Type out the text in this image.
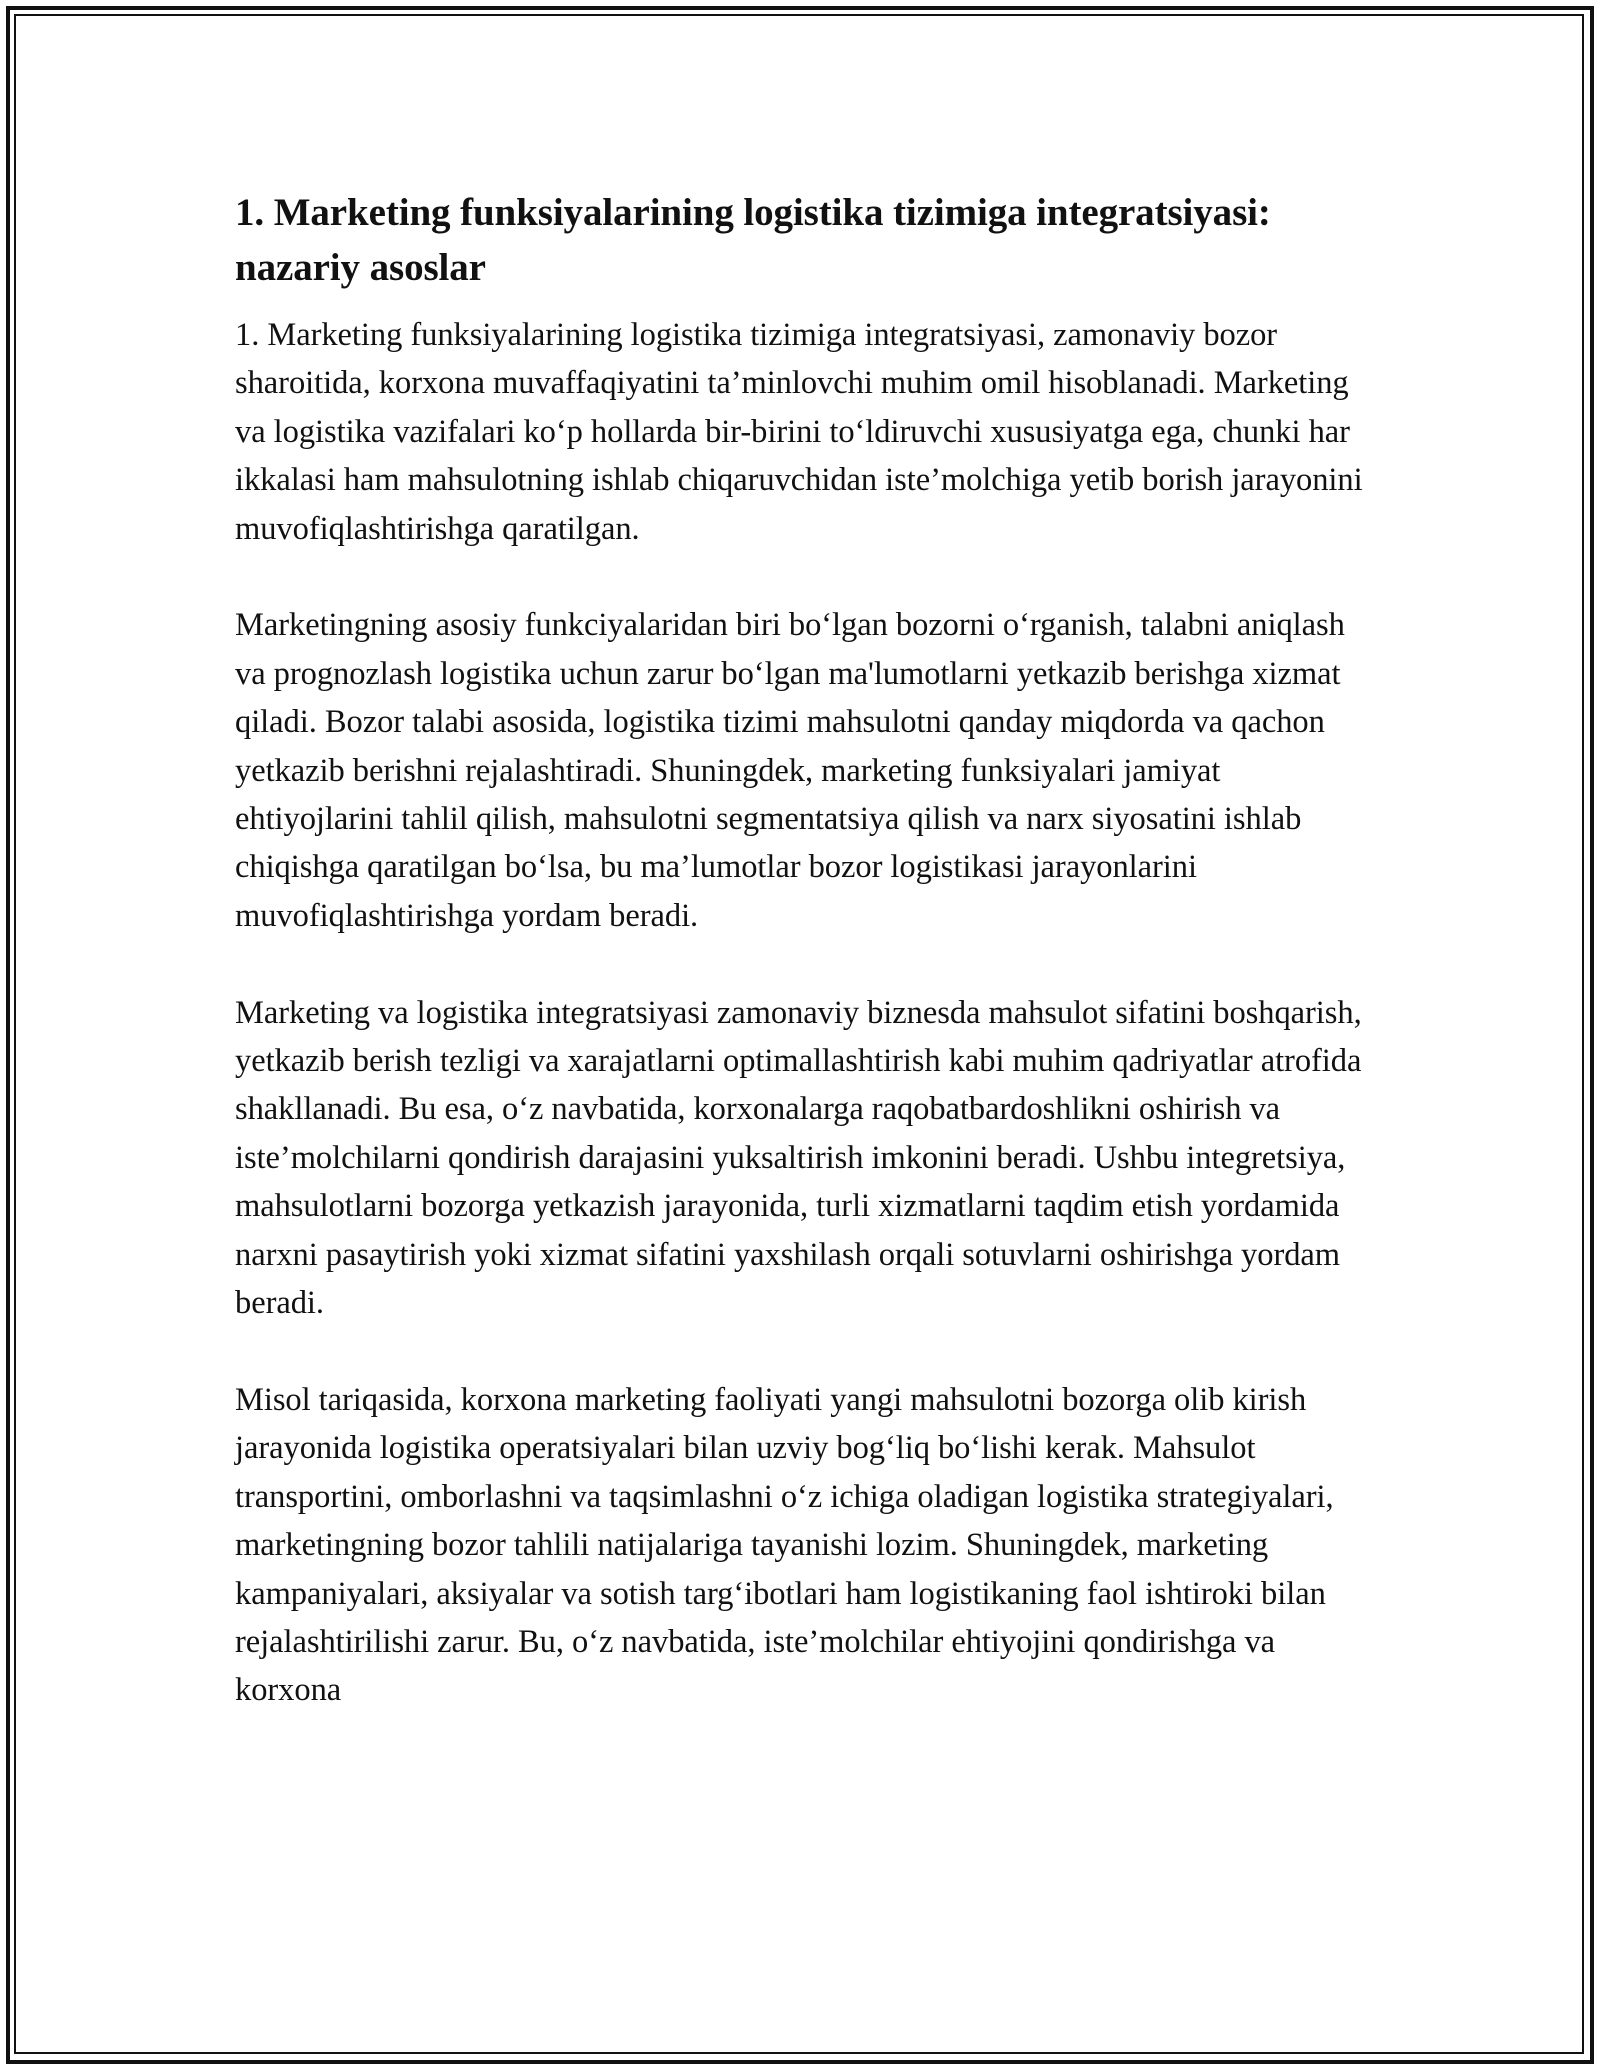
1. Marketing funksiyalarining logistika tizimiga integratsiyasi: nazariy asoslar

1. Marketing funksiyalarining logistika tizimiga integratsiyasi, zamonaviy bozor sharoitida, korxona muvaffaqiyatini ta’minlovchi muhim omil hisoblanadi. Marketing va logistika vazifalari ko‘p hollarda bir-birini to‘ldiruvchi xususiyatga ega, chunki har ikkalasi ham mahsulotning ishlab chiqaruvchidan iste’molchiga yetib borish jarayonini muvofiqlashtirishga qaratilgan.

Marketingning asosiy funkciyalaridan biri bo‘lgan bozorni o‘rganish, talabni aniqlash va prognozlash logistika uchun zarur bo‘lgan ma'lumotlarni yetkazib berishga xizmat qiladi. Bozor talabi asosida, logistika tizimi mahsulotni qanday miqdorda va qachon yetkazib berishni rejalashtiradi. Shuningdek, marketing funksiyalari jamiyat ehtiyojlarini tahlil qilish, mahsulotni segmentatsiya qilish va narx siyosatini ishlab chiqishga qaratilgan bo‘lsa, bu ma’lumotlar bozor logistikasi jarayonlarini muvofiqlashtirishga yordam beradi.

Marketing va logistika integratsiyasi zamonaviy biznesda mahsulot sifatini boshqarish, yetkazib berish tezligi va xarajatlarni optimallashtirish kabi muhim qadriyatlar atrofida shakllanadi. Bu esa, o‘z navbatida, korxonalarga raqobatbardoshlikni oshirish va iste’molchilarni qondirish darajasini yuksaltirish imkonini beradi. Ushbu integretsiya, mahsulotlarni bozorga yetkazish jarayonida, turli xizmatlarni taqdim etish yordamida narxni pasaytirish yoki xizmat sifatini yaxshilash orqali sotuvlarni oshirishga yordam beradi.

Misol tariqasida, korxona marketing faoliyati yangi mahsulotni bozorga olib kirish jarayonida logistika operatsiyalari bilan uzviy bog‘liq bo‘lishi kerak. Mahsulot transportini, omborlashni va taqsimlashni o‘z ichiga oladigan logistika strategiyalari, marketingning bozor tahlili natijalariga tayanishi lozim. Shuningdek, marketing kampaniyalari, aksiyalar va sotish targ‘ibotlari ham logistikaning faol ishtiroki bilan rejalashtirilishi zarur. Bu, o‘z navbatida, iste’molchilar ehtiyojini qondirishga va korxona
